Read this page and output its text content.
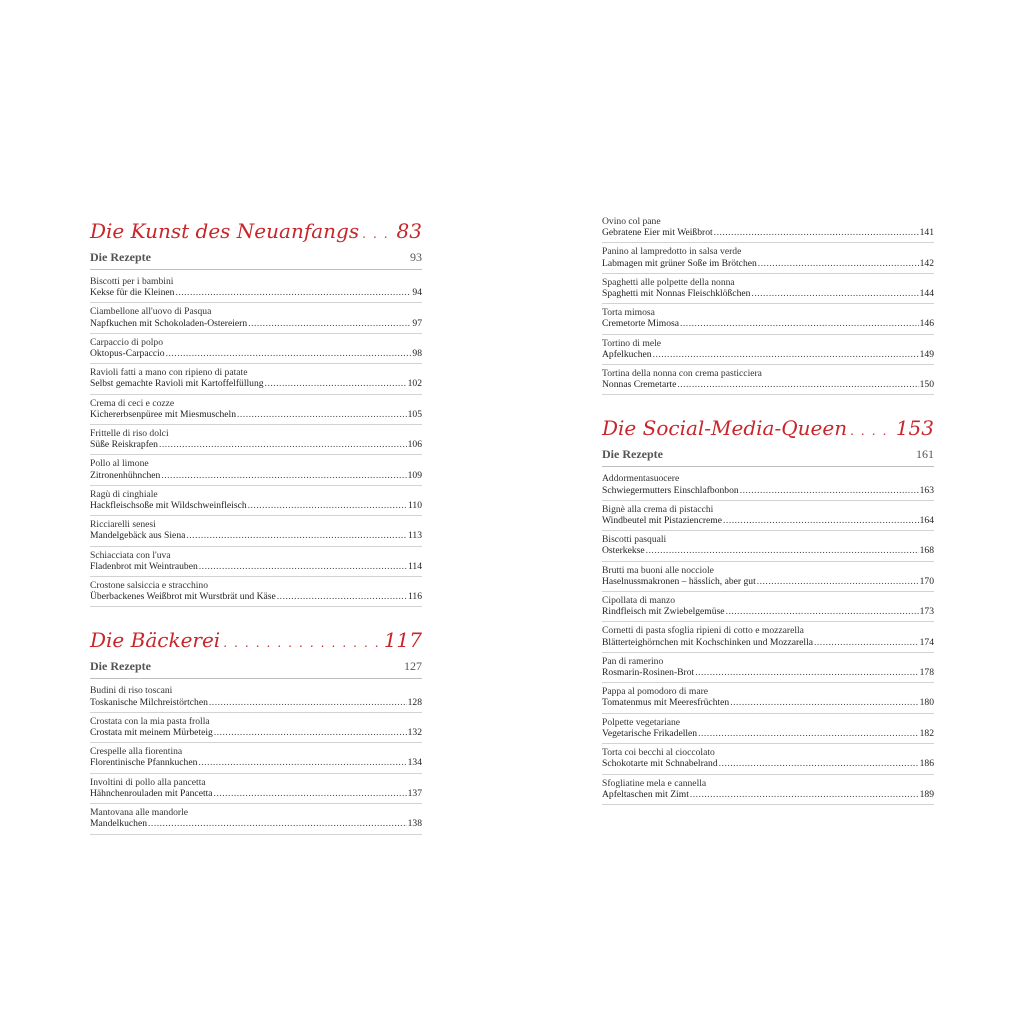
Die Kunst des Neuanfangs . . . 83
Die Rezepte	93
Biscotti per i bambini
Kekse für die Kleinen .....	94
Ciambellone all'uovo di Pasqua
Napfkuchen mit Schokoladen-Ostereiern .....	97
Carpaccio di polpo
Oktopus-Carpaccio .....	98
Ravioli fatti a mano con ripieno di patate
Selbst gemachte Ravioli mit Kartoffelfüllung .....	102
Crema di ceci e cozze
Kichererbsenpüree mit Miesmuscheln .....	105
Frittelle di riso dolci
Süße Reiskrapfen .....	106
Pollo al limone
Zitronenhühnchen .....	109
Ragù di cinghiale
Hackfleischsoße mit Wildschweinfleisch .....	110
Ricciarelli senesi
Mandelgebäck aus Siena .....	113
Schiacciata con l'uva
Fladenbrot mit Weintrauben .....	114
Crostone salsiccia e stracchino
Überbackenes Weißbrot mit Wurstbrät und Käse .....	116
Die Bäckerei . . .	117
Die Rezepte	127
Budini di riso toscani
Toskanische Milchreistörtchen .....	128
Crostata con la mia pasta frolla
Crostata mit meinem Mürbeteig .....	132
Crespelle alla fiorentina
Florentinische Pfannkuchen .....	134
Involtini di pollo alla pancetta
Hähnchenrouladen mit Pancetta .....	137
Mantovana alle mandorle
Mandelkuchen .....	138
Ovino col pane
Gebratene Eier mit Weißbrot .....	141
Panino al lampredotto in salsa verde
Labmagen mit grüner Soße im Brötchen .....	142
Spaghetti alle polpette della nonna
Spaghetti mit Nonnas Fleischklößchen .....	144
Torta mimosa
Cremetorte Mimosa .....	146
Tortino di mele
Apfelkuchen .....	149
Tortina della nonna con crema pasticciera
Nonnas Cremetarte .....	150
Die Social-Media-Queen . . . 153
Die Rezepte	161
Addormentasuocere
Schwiegermutters Einschlafbonbon .....	163
Bignè alla crema di pistacchi
Windbeutel mit Pistaziencreme .....	164
Biscotti pasquali
Osterkekse .....	168
Brutti ma buoni alle nocciole
Haselnussmakronen – hässlich, aber gut .....	170
Cipollata di manzo
Rindfleisch mit Zwiebelgemüse .....	173
Cornetti di pasta sfoglia ripieni di cotto e mozzarella
Blätterteighörnchen mit Kochschinken und Mozzarella .....	174
Pan di ramerino
Rosmarin-Rosinen-Brot .....	178
Pappa al pomodoro di mare
Tomatenmus mit Meeresfrüchten .....	180
Polpette vegetariane
Vegetarische Frikadellen .....	182
Torta coi becchi al cioccolato
Schokotarte mit Schnabelrand .....	186
Sfogliatine mela e cannella
Apfeltaschen mit Zimt .....	189
